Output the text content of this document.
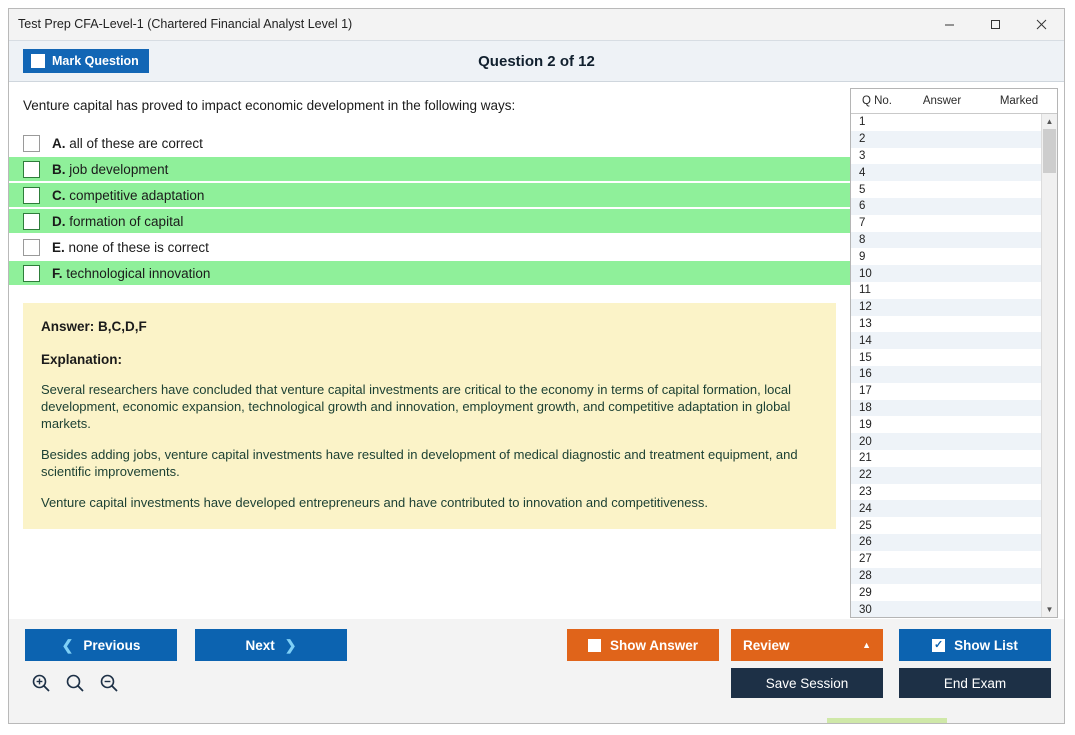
Test Prep CFA-Level-1 (Chartered Financial Analyst Level 1)
Mark Question	Question 2 of 12
Venture capital has proved to impact economic development in the following ways:
A. all of these are correct
B. job development
C. competitive adaptation
D. formation of capital
E. none of these is correct
F. technological innovation
Answer: B,C,D,F
Explanation:

Several researchers have concluded that venture capital investments are critical to the economy in terms of capital formation, local development, economic expansion, technological growth and innovation, employment growth, and competitive adaptation in global markets.

Besides adding jobs, venture capital investments have resulted in development of medical diagnostic and treatment equipment, and scientific improvements.

Venture capital investments have developed entrepreneurs and have contributed to innovation and competitiveness.

Q No.	Answer	Marked
1
2
3
4
5
6
7
8
9
10
11
12
13
14
15
16
17
18
19
20
21
22
23
24
25
26
27
28
29
30
▲
▼
❮ Previous	Next ❯	Show Answer	Review	▲	✓ Show List
Save Session	End Exam
